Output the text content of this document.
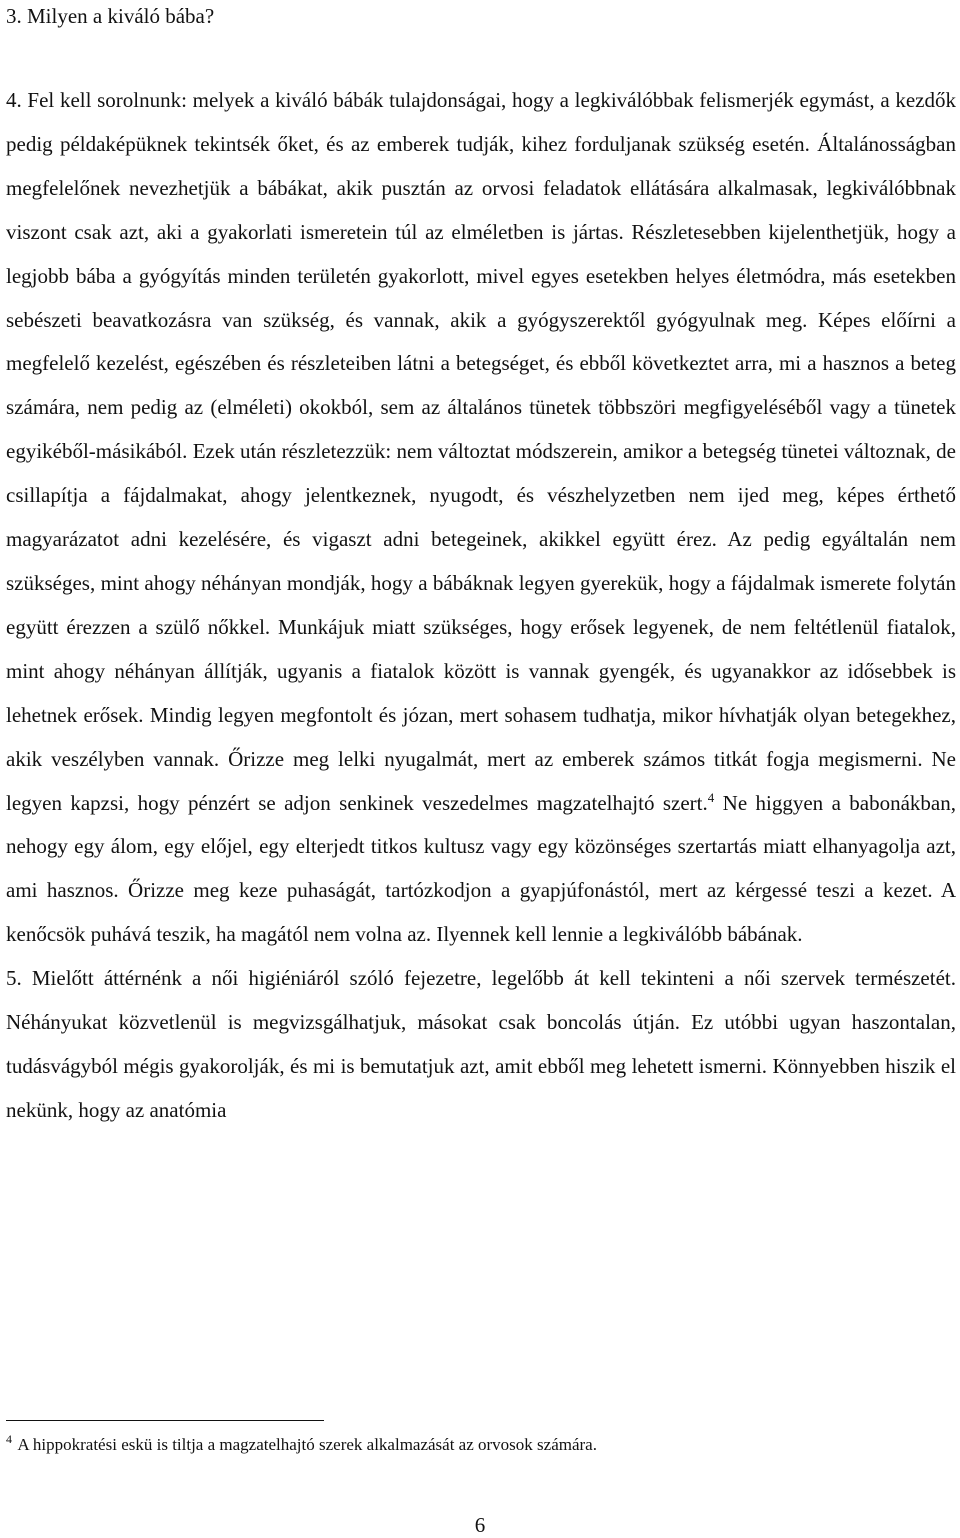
3. Milyen a kiváló bába?

4. Fel kell sorolnunk: melyek a kiváló bábák tulajdonságai, hogy a legkiválóbbak felismerjék egymást, a kezdők pedig példaképüknek tekintsék őket, és az emberek tudják, kihez forduljanak szükség esetén. Általánosságban megfelelőnek nevezhetjük a bábákat, akik pusztán az orvosi feladatok ellátására alkalmasak, legkiválóbbnak viszont csak azt, aki a gyakorlati ismeretein túl az elméletben is jártas. Részletesebben kijelenthetjük, hogy a legjobb bába a gyógyítás minden területén gyakorlott, mivel egyes esetekben helyes életmódra, más esetekben sebészeti beavatkozásra van szükség, és vannak, akik a gyógyszerektől gyógyulnak meg. Képes előírni a megfelelő kezelést, egészében és részleteiben látni a betegséget, és ebből következtet arra, mi a hasznos a beteg számára, nem pedig az (elméleti) okokból, sem az általános tünetek többszöri megfigyeléséből vagy a tünetek egyikéből-másikából. Ezek után részletezzük: nem változtat módszerein, amikor a betegség tünetei változnak, de csillapítja a fájdalmakat, ahogy jelentkeznek, nyugodt, és vészhelyzetben nem ijed meg, képes érthető magyarázatot adni kezelésére, és vigaszt adni betegeinek, akikkel együtt érez. Az pedig egyáltalán nem szükséges, mint ahogy néhányan mondják, hogy a bábáknak legyen gyerekük, hogy a fájdalmak ismerete folytán együtt érezzen a szülő nőkkel. Munkájuk miatt szükséges, hogy erősek legyenek, de nem feltétlenül fiatalok, mint ahogy néhányan állítják, ugyanis a fiatalok között is vannak gyengék, és ugyanakkor az idősebbek is lehetnek erősek. Mindig legyen megfontolt és józan, mert sohasem tudhatja, mikor hívhatják olyan betegekhez, akik veszélyben vannak. Őrizze meg lelki nyugalmát, mert az emberek számos titkát fogja megismerni. Ne legyen kapzsi, hogy pénzért se adjon senkinek veszedelmes magzatelhajtó szert.$^4$ Ne higgyen a babonákban, nehogy egy álom, egy előjel, egy elterjedt titkos kultusz vagy egy közönséges szertartás miatt elhanyagolja azt, ami hasznos. Őrizze meg keze puhaságát, tartózkodjon a gyapjúfonástól, mert az kérgessé teszi a kezet. A kenőcsök puhává teszik, ha magától nem volna az. Ilyennek kell lennie a legkiválóbb bábának.

5. Mielőtt áttérnénk a női higiéniáról szóló fejezetre, legelőbb át kell tekinteni a női szervek természetét. Néhányukat közvetlenül is megvizsgálhatjuk, másokat csak boncolás útján. Ez utóbbi ugyan haszontalan, tudásvágyból mégis gyakorolják, és mi is bemutatjuk azt, amit ebből meg lehetett ismerni. Könnyebben hiszik el nekünk, hogy az anatómia

$^4$ A hippokratési eskü is tiltja a magzatelhajtó szerek alkalmazását az orvosok számára.
6
